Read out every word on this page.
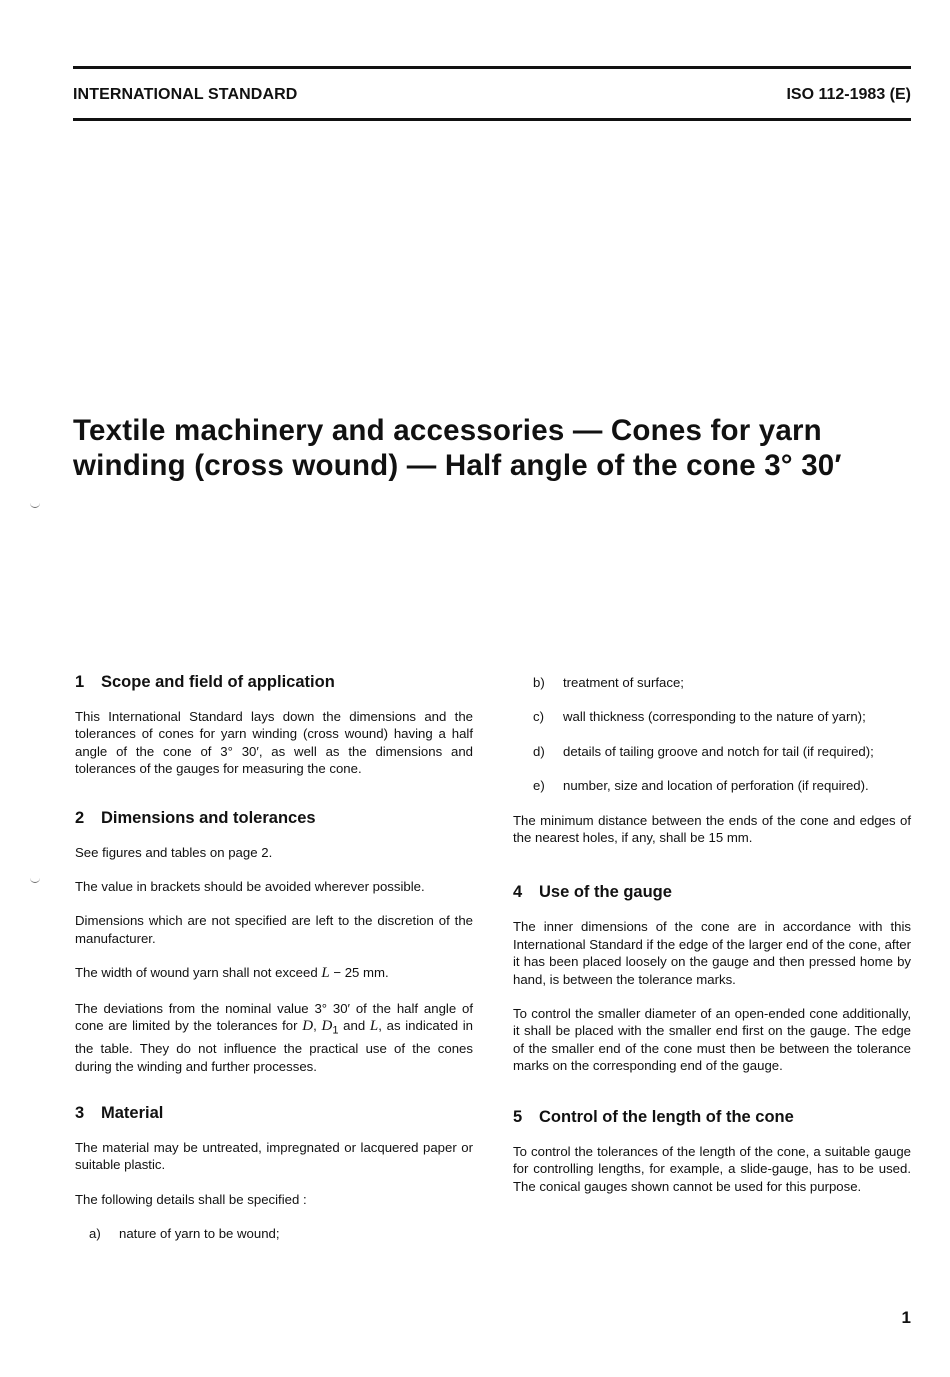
INTERNATIONAL STANDARD	ISO 112-1983 (E)
Textile machinery and accessories — Cones for yarn
winding (cross wound) — Half angle of the cone 3° 30′
1	Scope and field of application

This International Standard lays down the dimensions and the tolerances of cones for yarn winding (cross wound) having a half angle of the cone of 3° 30′, as well as the dimensions and tolerances of the gauges for measuring the cone.

2	Dimensions and tolerances

See figures and tables on page 2.

The value in brackets should be avoided wherever possible.

Dimensions which are not specified are left to the discretion of the manufacturer.

The width of wound yarn shall not exceed L − 25 mm.

The deviations from the nominal value 3° 30′ of the half angle of cone are limited by the tolerances for D, $D_1$ and L, as indicated in the table. They do not influence the practical use of the cones during the winding and further processes.

3	Material

The material may be untreated, impregnated or lacquered paper or suitable plastic.

The following details shall be specified :

a)	nature of yarn to be wound;
b)	treatment of surface;
c)	wall thickness (corresponding to the nature of yarn);
d)	details of tailing groove and notch for tail (if required);
e)	number, size and location of perforation (if required).

The minimum distance between the ends of the cone and edges of the nearest holes, if any, shall be 15 mm.

4	Use of the gauge

The inner dimensions of the cone are in accordance with this International Standard if the edge of the larger end of the cone, after it has been placed loosely on the gauge and then pressed home by hand, is between the tolerance marks.

To control the smaller diameter of an open-ended cone additionally, it shall be placed with the smaller end first on the gauge. The edge of the smaller end of the cone must then be between the tolerance marks on the corresponding end of the gauge.

5	Control of the length of the cone

To control the tolerances of the length of the cone, a suitable gauge for controlling lengths, for example, a slide-gauge, has to be used. The conical gauges shown cannot be used for this purpose.

1
